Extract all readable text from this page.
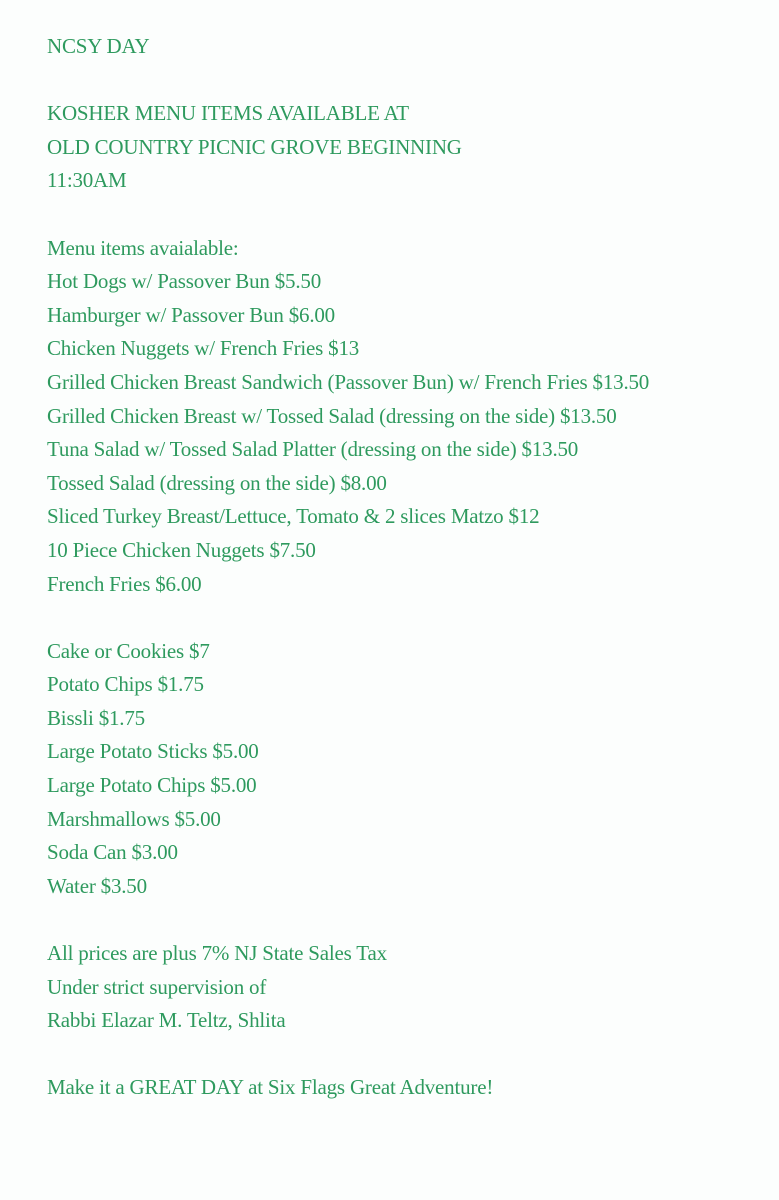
NCSY DAY
KOSHER MENU ITEMS AVAILABLE AT
OLD COUNTRY PICNIC GROVE BEGINNING
11:30AM
Menu items avaialable:
Hot Dogs w/ Passover Bun $5.50
Hamburger w/ Passover Bun $6.00
Chicken Nuggets w/ French Fries $13
Grilled Chicken Breast Sandwich (Passover Bun) w/ French Fries $13.50
Grilled Chicken Breast w/ Tossed Salad (dressing on the side) $13.50
Tuna Salad w/ Tossed Salad Platter (dressing on the side) $13.50
Tossed Salad (dressing on the side) $8.00
Sliced Turkey Breast/Lettuce, Tomato & 2 slices Matzo $12
10 Piece Chicken Nuggets $7.50
French Fries $6.00
Cake or Cookies $7
Potato Chips $1.75
Bissli $1.75
Large Potato Sticks $5.00
Large Potato Chips $5.00
Marshmallows $5.00
Soda Can $3.00
Water $3.50
All prices are plus 7% NJ State Sales Tax
Under strict supervision of
Rabbi Elazar M. Teltz, Shlita
Make it a GREAT DAY at Six Flags Great Adventure!
